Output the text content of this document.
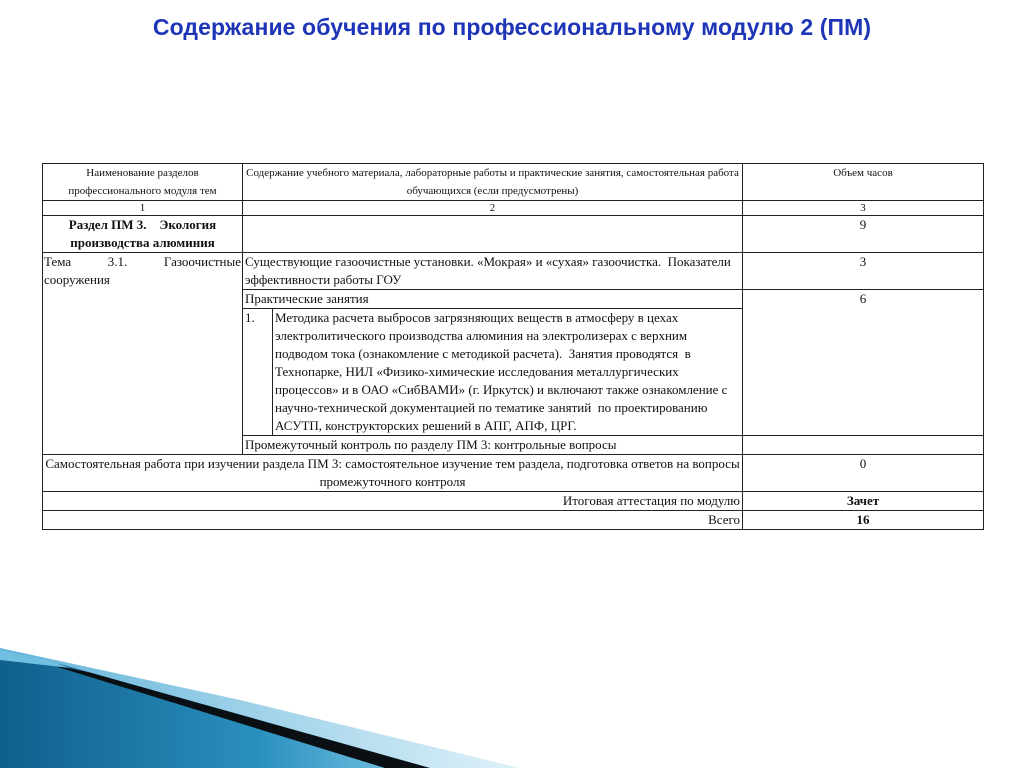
Содержание обучения по профессиональному модулю 2 (ПМ)
Наименование разделов профессионального модуля тем	Содержание учебного материала, лабораторные работы и практические занятия, самостоятельная работа обучающихся (если предусмотрены)		Объем часов
1	2		3
Раздел ПМ 3.    Экология производства алюминия			9

Тема 3.1. Газоочистные сооружения	Существующие газоочистные установки. «Мокрая» и «сухая» газоочистка.  Показатели эффективности работы ГОУ		3
	Практические занятия		6
	1.	Методика расчета выбросов загрязняющих веществ в атмосферу в цехах электролитического производства алюминия на электролизерах с верхним подводом тока (ознакомление с методикой расчета).  Занятия проводятся  в Технопарке, НИЛ «Физико-химические исследования металлургических процессов» и в ОАО «СибВАМИ» (г. Иркутск) и включают также ознакомление с научно-технической документацией по тематике занятий  по проектированию АСУТП, конструкторских решений в АПГ, АПФ, ЦРГ.	
	Промежуточный контроль по разделу ПМ 3: контрольные вопросы		
Самостоятельная работа при изучении раздела ПМ 3: самостоятельное изучение тем раздела, подготовка ответов на вопросы промежуточного контроля			0
Итоговая аттестация по модулю			Зачет
Всего			16
